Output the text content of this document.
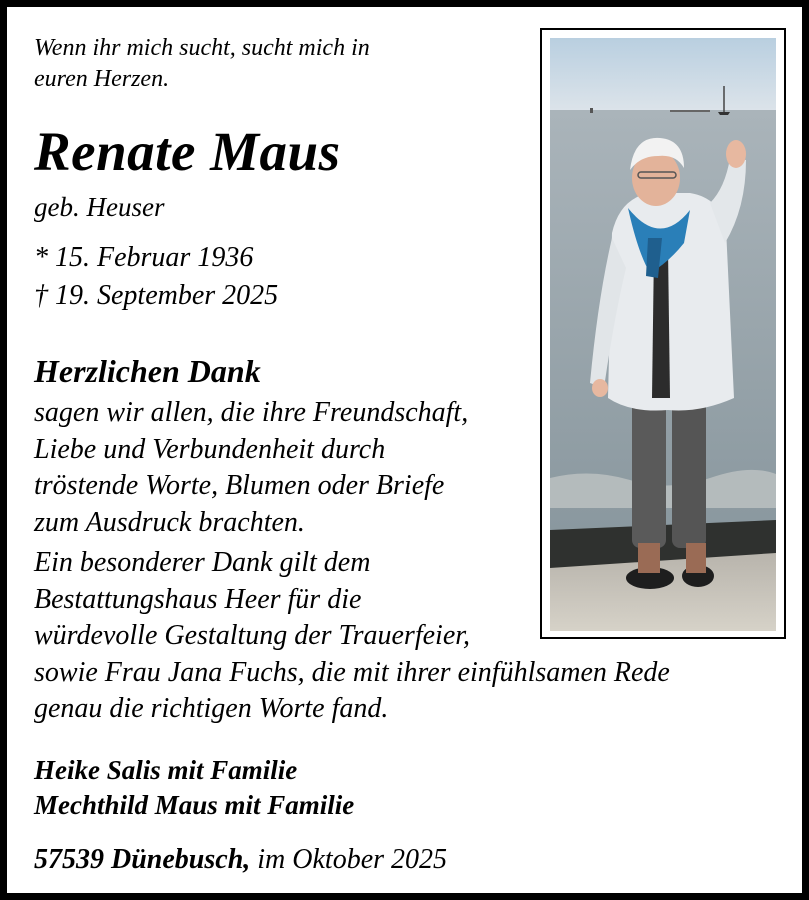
Wenn ihr mich sucht, sucht mich in
euren Herzen.
Renate Maus
geb. Heuser
* 15. Februar 1936
† 19. September 2025
Herzlichen Dank

sagen wir allen, die ihre Freundschaft,

Liebe und Verbundenheit durch

tröstende Worte, Blumen oder Briefe

zum Ausdruck brachten.

Ein besonderer Dank gilt dem

Bestattungshaus Heer für die

würdevolle Gestaltung der Trauerfeier,

sowie Frau Jana Fuchs, die mit ihrer einfühlsamen Rede

genau die richtigen Worte fand.

Heike Salis mit Familie
Mechthild Maus mit Familie
57539 Dünebusch, im Oktober 2025
